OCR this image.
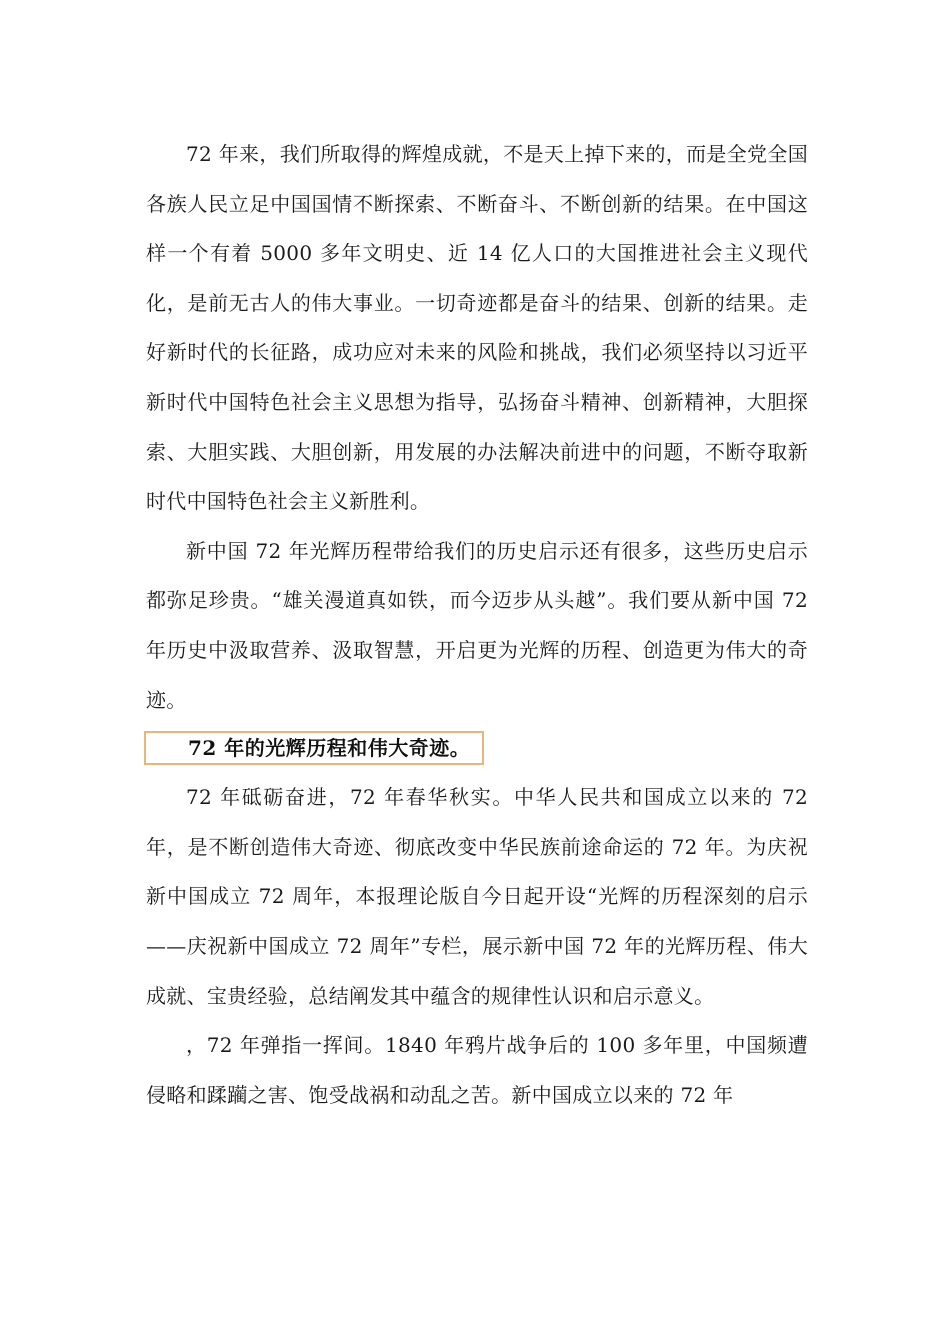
72 年来，我们所取得的辉煌成就，不是天上掉下来的，而是全党全国各族人民立足中国国情不断探索、不断奋斗、不断创新的结果。在中国这样一个有着 5000 多年文明史、近 14 亿人口的大国推进社会主义现代化，是前无古人的伟大事业。一切奇迹都是奋斗的结果、创新的结果。走好新时代的长征路，成功应对未来的风险和挑战，我们必须坚持以习近平新时代中国特色社会主义思想为指导，弘扬奋斗精神、创新精神，大胆探索、大胆实践、大胆创新，用发展的办法解决前进中的问题，不断夺取新时代中国特色社会主义新胜利。

新中国 72 年光辉历程带给我们的历史启示还有很多，这些历史启示都弥足珍贵。“雄关漫道真如铁，而今迈步从头越”。我们要从新中国 72 年历史中汲取营养、汲取智慧，开启更为光辉的历程、创造更为伟大的奇迹。

72 年的光辉历程和伟大奇迹。

72 年砥砺奋进，72 年春华秋实。中华人民共和国成立以来的 72 年，是不断创造伟大奇迹、彻底改变中华民族前途命运的 72 年。为庆祝新中国成立 72 周年，本报理论版自今日起开设“光辉的历程深刻的启示——庆祝新中国成立 72 周年”专栏，展示新中国 72 年的光辉历程、伟大成就、宝贵经验，总结阐发其中蕴含的规律性认识和启示意义。

，72 年弹指一挥间。1840 年鸦片战争后的 100 多年里，中国频遭侵略和蹂躏之害、饱受战祸和动乱之苦。新中国成立以来的 72 年
